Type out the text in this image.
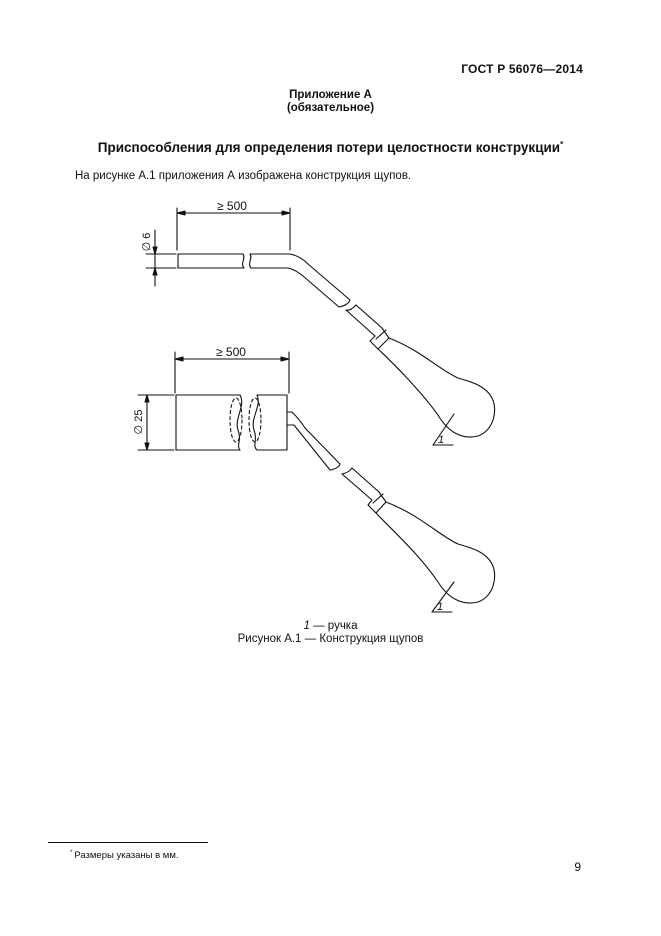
ГОСТ Р 56076—2014
Приложение А
(обязательное)
Приспособления для определения потери целостности конструкции*
На рисунке А.1 приложения А изображена конструкция щупов.
≥ 500
∅ 6
1
≥ 500
∅ 25
1
1 — ручка
Рисунок А.1 — Конструкция щупов
* Размеры указаны в мм.
9
